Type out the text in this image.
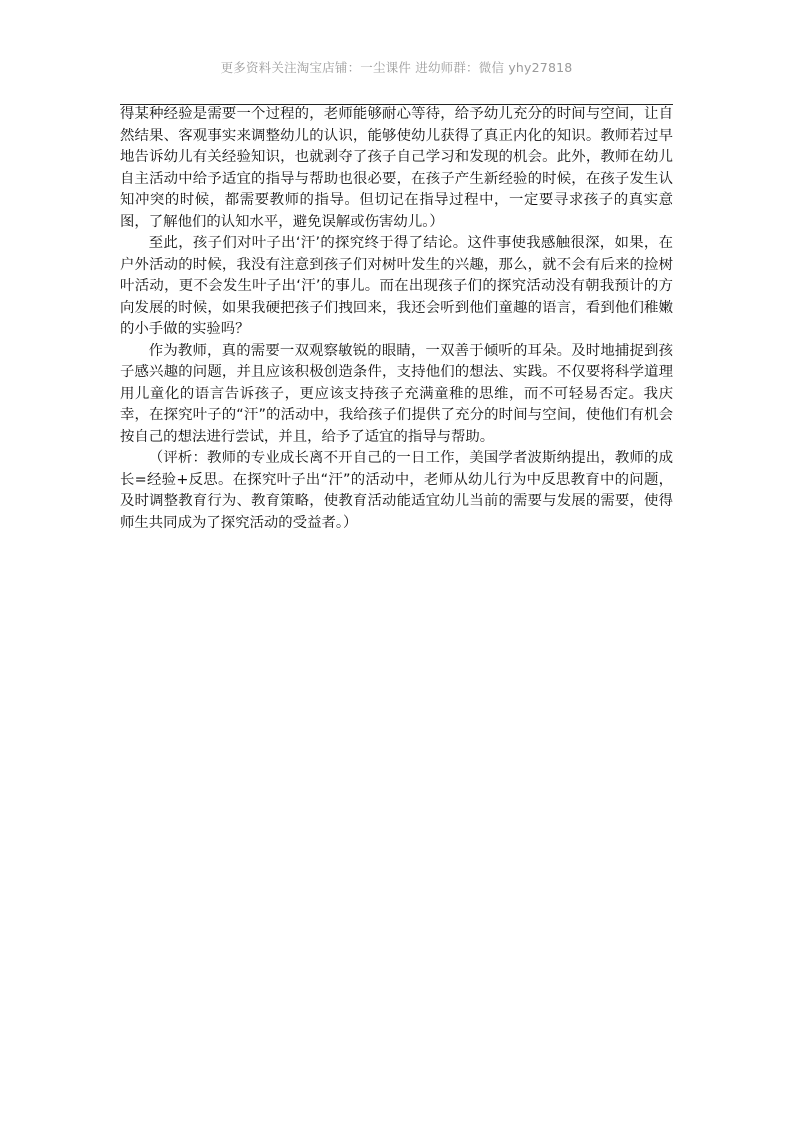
更多资料关注淘宝店铺：一尘课件 进幼师群：微信 yhy27818

得某种经验是需要一个过程的，老师能够耐心等待，给予幼儿充分的时间与空间，让自然结果、客观事实来调整幼儿的认识，能够使幼儿获得了真正内化的知识。教师若过早地告诉幼儿有关经验知识，也就剥夺了孩子自己学习和发现的机会。此外，教师在幼儿自主活动中给予适宜的指导与帮助也很必要，在孩子产生新经验的时候，在孩子发生认知冲突的时候，都需要教师的指导。但切记在指导过程中，一定要寻求孩子的真实意图，了解他们的认知水平，避免误解或伤害幼儿。）

至此，孩子们对叶子出‘汗’的探究终于得了结论。这件事使我感触很深，如果，在户外活动的时候，我没有注意到孩子们对树叶发生的兴趣，那么，就不会有后来的捡树叶活动，更不会发生叶子出‘汗’的事儿。而在出现孩子们的探究活动没有朝我预计的方向发展的时候，如果我硬把孩子们拽回来，我还会听到他们童趣的语言，看到他们稚嫩的小手做的实验吗？

作为教师，真的需要一双观察敏锐的眼睛，一双善于倾听的耳朵。及时地捕捉到孩子感兴趣的问题，并且应该积极创造条件，支持他们的想法、实践。不仅要将科学道理用儿童化的语言告诉孩子，更应该支持孩子充满童稚的思维，而不可轻易否定。我庆幸，在探究叶子的“汗”的活动中，我给孩子们提供了充分的时间与空间，使他们有机会按自己的想法进行尝试，并且，给予了适宜的指导与帮助。

（评析：教师的专业成长离不开自己的一日工作，美国学者波斯纳提出，教师的成长=经验+反思。在探究叶子出“汗”的活动中，老师从幼儿行为中反思教育中的问题，及时调整教育行为、教育策略，使教育活动能适宜幼儿当前的需要与发展的需要，使得师生共同成为了探究活动的受益者。）
